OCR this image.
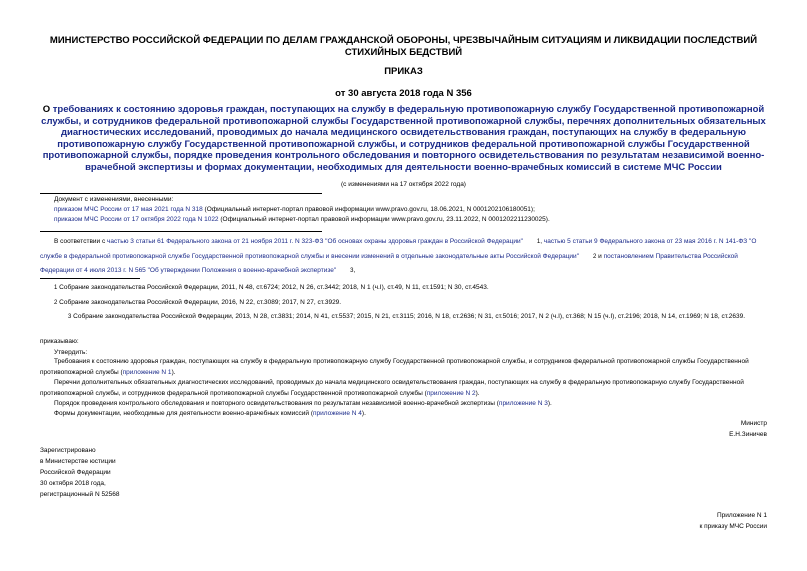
МИНИСТЕРСТВО РОССИЙСКОЙ ФЕДЕРАЦИИ ПО ДЕЛАМ ГРАЖДАНСКОЙ ОБОРОНЫ, ЧРЕЗВЫЧАЙНЫМ СИТУАЦИЯМ И ЛИКВИДАЦИИ ПОСЛЕДСТВИЙ СТИХИЙНЫХ БЕДСТВИЙ
ПРИКАЗ
от 30 августа 2018 года N 356
О требованиях к состоянию здоровья граждан, поступающих на службу в федеральную противопожарную службу Государственной противопожарной службы, и сотрудников федеральной противопожарной службы Государственной противопожарной службы, перечнях дополнительных обязательных диагностических исследований, проводимых до начала медицинского освидетельствования граждан, поступающих на службу в федеральную противопожарную службу Государственной противопожарной службы, и сотрудников федеральной противопожарной службы Государственной противопожарной службы, порядке проведения контрольного обследования и повторного освидетельствования по результатам независимой военно-врачебной экспертизы и формах документации, необходимых для деятельности военно-врачебных комиссий в системе МЧС России
(с изменениями на 17 октября 2022 года)
Документ с изменениями, внесенными:
приказом МЧС России от 17 мая 2021 года N 318 (Официальный интернет-портал правовой информации www.pravo.gov.ru, 18.06.2021, N 0001202106180051);
приказом МЧС России от 17 октября 2022 года N 1022 (Официальный интернет-портал правовой информации www.pravo.gov.ru, 23.11.2022, N 0001202211230025).
В соответствии с частью 3 статьи 61 Федерального закона от 21 ноября 2011 г. N 323-ФЗ "Об основах охраны здоровья граждан в Российской Федерации" 1, частью 5 статьи 9 Федерального закона от 23 мая 2016 г. N 141-ФЗ "О службе в федеральной противопожарной службе Государственной противопожарной службы и внесении изменений в отдельные законодательные акты Российской Федерации" 2 и постановлением Правительства Российской Федерации от 4 июля 2013 г. N 565 "Об утверждении Положения о военно-врачебной экспертизе" 3,
1 Собрание законодательства Российской Федерации, 2011, N 48, ст.6724; 2012, N 26, ст.3442; 2018, N 1 (ч.I), ст.49, N 11, ст.1591; N 30, ст.4543.
2 Собрание законодательства Российской Федерации, 2016, N 22, ст.3089; 2017, N 27, ст.3929.
3 Собрание законодательства Российской Федерации, 2013, N 28, ст.3831; 2014, N 41, ст.5537; 2015, N 21, ст.3115; 2016, N 18, ст.2636; N 31, ст.5016; 2017, N 2 (ч.I), ст.368; N 15 (ч.I), ст.2196; 2018, N 14, ст.1969; N 18, ст.2639.
приказываю:
Утвердить:
Требования к состоянию здоровья граждан, поступающих на службу в федеральную противопожарную службу Государственной противопожарной службы, и сотрудников федеральной противопожарной службы Государственной противопожарной службы (приложение N 1).
Перечни дополнительных обязательных диагностических исследований, проводимых до начала медицинского освидетельствования граждан, поступающих на службу в федеральную противопожарную службу Государственной противопожарной службы, и сотрудников федеральной противопожарной службы Государственной противопожарной службы (приложение N 2).
Порядок проведения контрольного обследования и повторного освидетельствования по результатам независимой военно-врачебной экспертизы (приложение N 3).
Формы документации, необходимые для деятельности военно-врачебных комиссий (приложение N 4).
Министр
Е.Н.Зиничев
Зарегистрировано
в Министерстве юстиции
Российской Федерации
30 октября 2018 года,
регистрационный N 52568
Приложение N 1
к приказу МЧС России
